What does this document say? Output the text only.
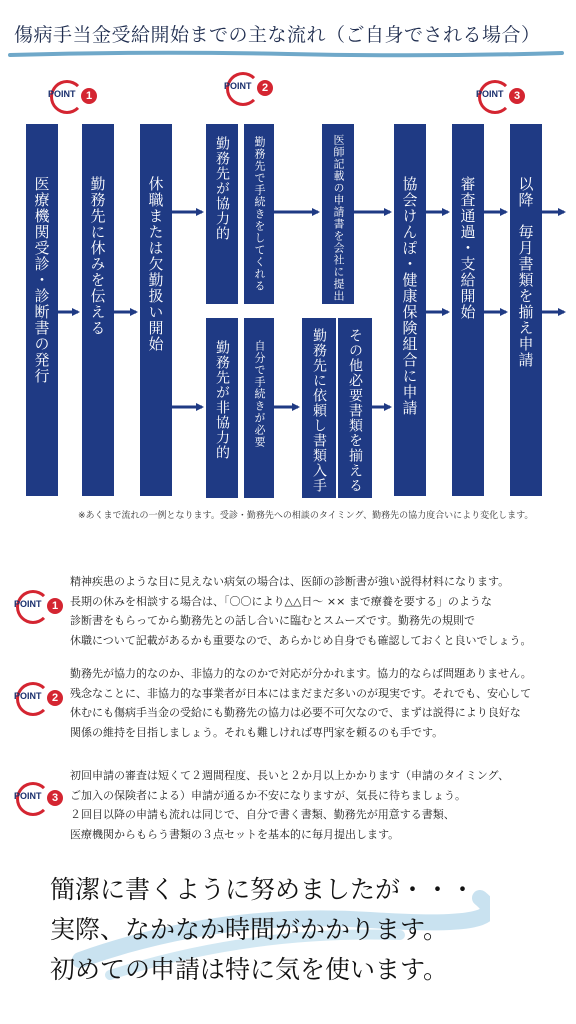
傷病手当金受給開始までの主な流れ（ご自身でされる場合）
POINT 1
POINT 2	POINT 3
医療機関受診・診断書の発行	勤務先に休みを伝える	休職または欠勤扱い開始	勤務先が協力的 勤務先で手続きをしてくれる	医師記載の申請書を会社に提出
勤務先が非協力的 自分で手続きが必要	勤務先に依頼し書類入手 その他必要書類を揃える	協会けんぽ・健康保険組合に申請	審査通過・支給開始	以降　毎月書類を揃え申請
※あくまで流れの一例となります。受診・勤務先への相談のタイミング、勤務先の協力度合いにより変化します。
POINT 1

精神疾患のような目に見えない病気の場合は、医師の診断書が強い説得材料になります。

長期の休みを相談する場合は、「〇〇により△△日～ ×× まで療養を要する」のような

診断書をもらってから勤務先との話し合いに臨むとスムーズです。勤務先の規則で

休職について記載があるかも重要なので、あらかじめ自身でも確認しておくと良いでしょう。

POINT 2

勤務先が協力的なのか、非協力的なのかで対応が分かれます。協力的ならば問題ありません。

残念なことに、非協力的な事業者が日本にはまだまだ多いのが現実です。それでも、安心して

休むにも傷病手当金の受給にも勤務先の協力は必要不可欠なので、まずは説得により良好な

関係の維持を目指しましょう。それも難しければ専門家を頼るのも手です。

POINT 3

初回申請の審査は短くて２週間程度、長いと２か月以上かかります（申請のタイミング、

ご加入の保険者による）申請が通るか不安になりますが、気長に待ちましょう。

２回目以降の申請も流れは同じで、自分で書く書類、勤務先が用意する書類、

医療機関からもらう書類の３点セットを基本的に毎月提出します。

簡潔に書くように努めましたが・・・

実際、なかなか時間がかかります。

初めての申請は特に気を使います。
